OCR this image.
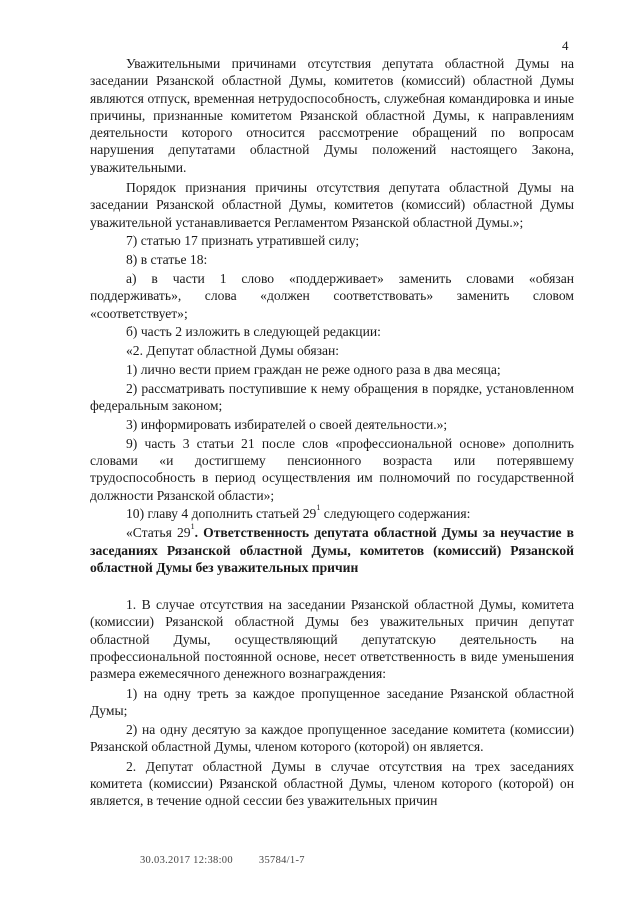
4

Уважительными причинами отсутствия депутата областной Думы на заседании Рязанской областной Думы, комитетов (комиссий) областной Думы являются отпуск, временная нетрудоспособность, служебная командировка и иные причины, признанные комитетом Рязанской областной Думы, к направлениям деятельности которого относится рассмотрение обращений по вопросам нарушения депутатами областной Думы положений настоящего Закона, уважительными.

Порядок признания причины отсутствия депутата областной Думы на заседании Рязанской областной Думы, комитетов (комиссий) областной Думы уважительной устанавливается Регламентом Рязанской областной Думы.»;

7) статью 17 признать утратившей силу;

8) в статье 18:

а) в части 1 слово «поддерживает» заменить словами «обязан поддерживать», слова «должен соответствовать» заменить словом «соответствует»;

б) часть 2 изложить в следующей редакции:

«2. Депутат областной Думы обязан:

1) лично вести прием граждан не реже одного раза в два месяца;

2) рассматривать поступившие к нему обращения в порядке, установленном федеральным законом;

3) информировать избирателей о своей деятельности.»;

9) часть 3 статьи 21 после слов «профессиональной основе» дополнить словами «и достигшему пенсионного возраста или потерявшему трудоспособность в период осуществления им полномочий по государственной должности Рязанской области»;

10) главу 4 дополнить статьей $29^1$ следующего содержания:

«Статья $29^1$. Ответственность депутата областной Думы за неучастие в заседаниях Рязанской областной Думы, комитетов (комиссий) Рязанской областной Думы без уважительных причин

1. В случае отсутствия на заседании Рязанской областной Думы, комитета (комиссии) Рязанской областной Думы без уважительных причин депутат областной Думы, осуществляющий депутатскую деятельность на профессиональной постоянной основе, несет ответственность в виде уменьшения размера ежемесячного денежного вознаграждения:

1) на одну треть за каждое пропущенное заседание Рязанской областной Думы;

2) на одну десятую за каждое пропущенное заседание комитета (комиссии) Рязанской областной Думы, членом которого (которой) он является.

2. Депутат областной Думы в случае отсутствия на трех заседаниях комитета (комиссии) Рязанской областной Думы, членом которого (которой) он является, в течение одной сессии без уважительных причин

30.03.2017 12:38:00 35784/1-7
